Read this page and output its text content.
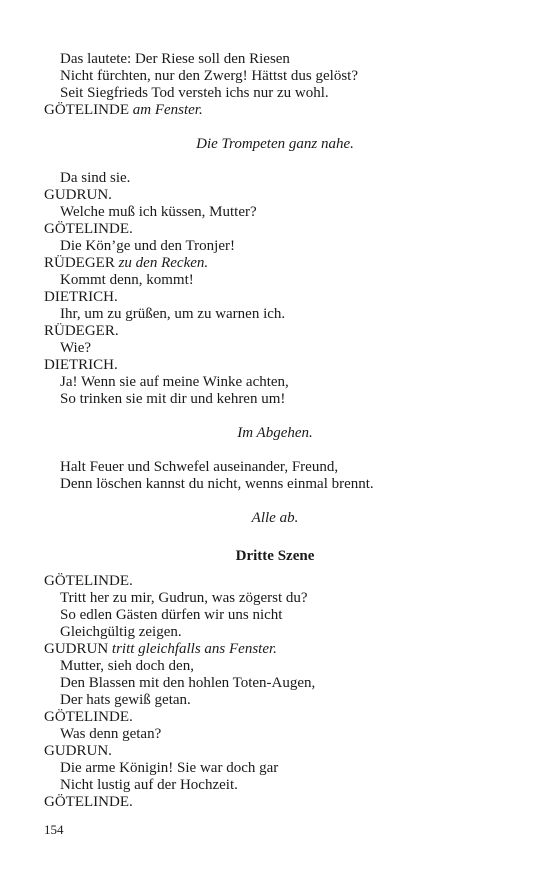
Das lautete: Der Riese soll den Riesen
Nicht fürchten, nur den Zwerg! Hättst dus gelöst?
Seit Siegfrieds Tod versteh ichs nur zu wohl.
GÖTELINDE am Fenster.
Die Trompeten ganz nahe.
Da sind sie.
GUDRUN.
Welche muß ich küssen, Mutter?
GÖTELINDE.
Die Kön’ge und den Tronjer!
RÜDEGER zu den Recken.
Kommt denn, kommt!
DIETRICH.
Ihr, um zu grüßen, um zu warnen ich.
RÜDEGER.
Wie?
DIETRICH.
Ja! Wenn sie auf meine Winke achten,
So trinken sie mit dir und kehren um!
Im Abgehen.
Halt Feuer und Schwefel auseinander, Freund,
Denn löschen kannst du nicht, wenns einmal brennt.
Alle ab.
Dritte Szene
GÖTELINDE.
Tritt her zu mir, Gudrun, was zögerst du?
So edlen Gästen dürfen wir uns nicht
Gleichgültig zeigen.
GUDRUN tritt gleichfalls ans Fenster.
Mutter, sieh doch den,
Den Blassen mit den hohlen Toten-Augen,
Der hats gewiß getan.
GÖTELINDE.
Was denn getan?
GUDRUN.
Die arme Königin! Sie war doch gar
Nicht lustig auf der Hochzeit.
GÖTELINDE.
154
